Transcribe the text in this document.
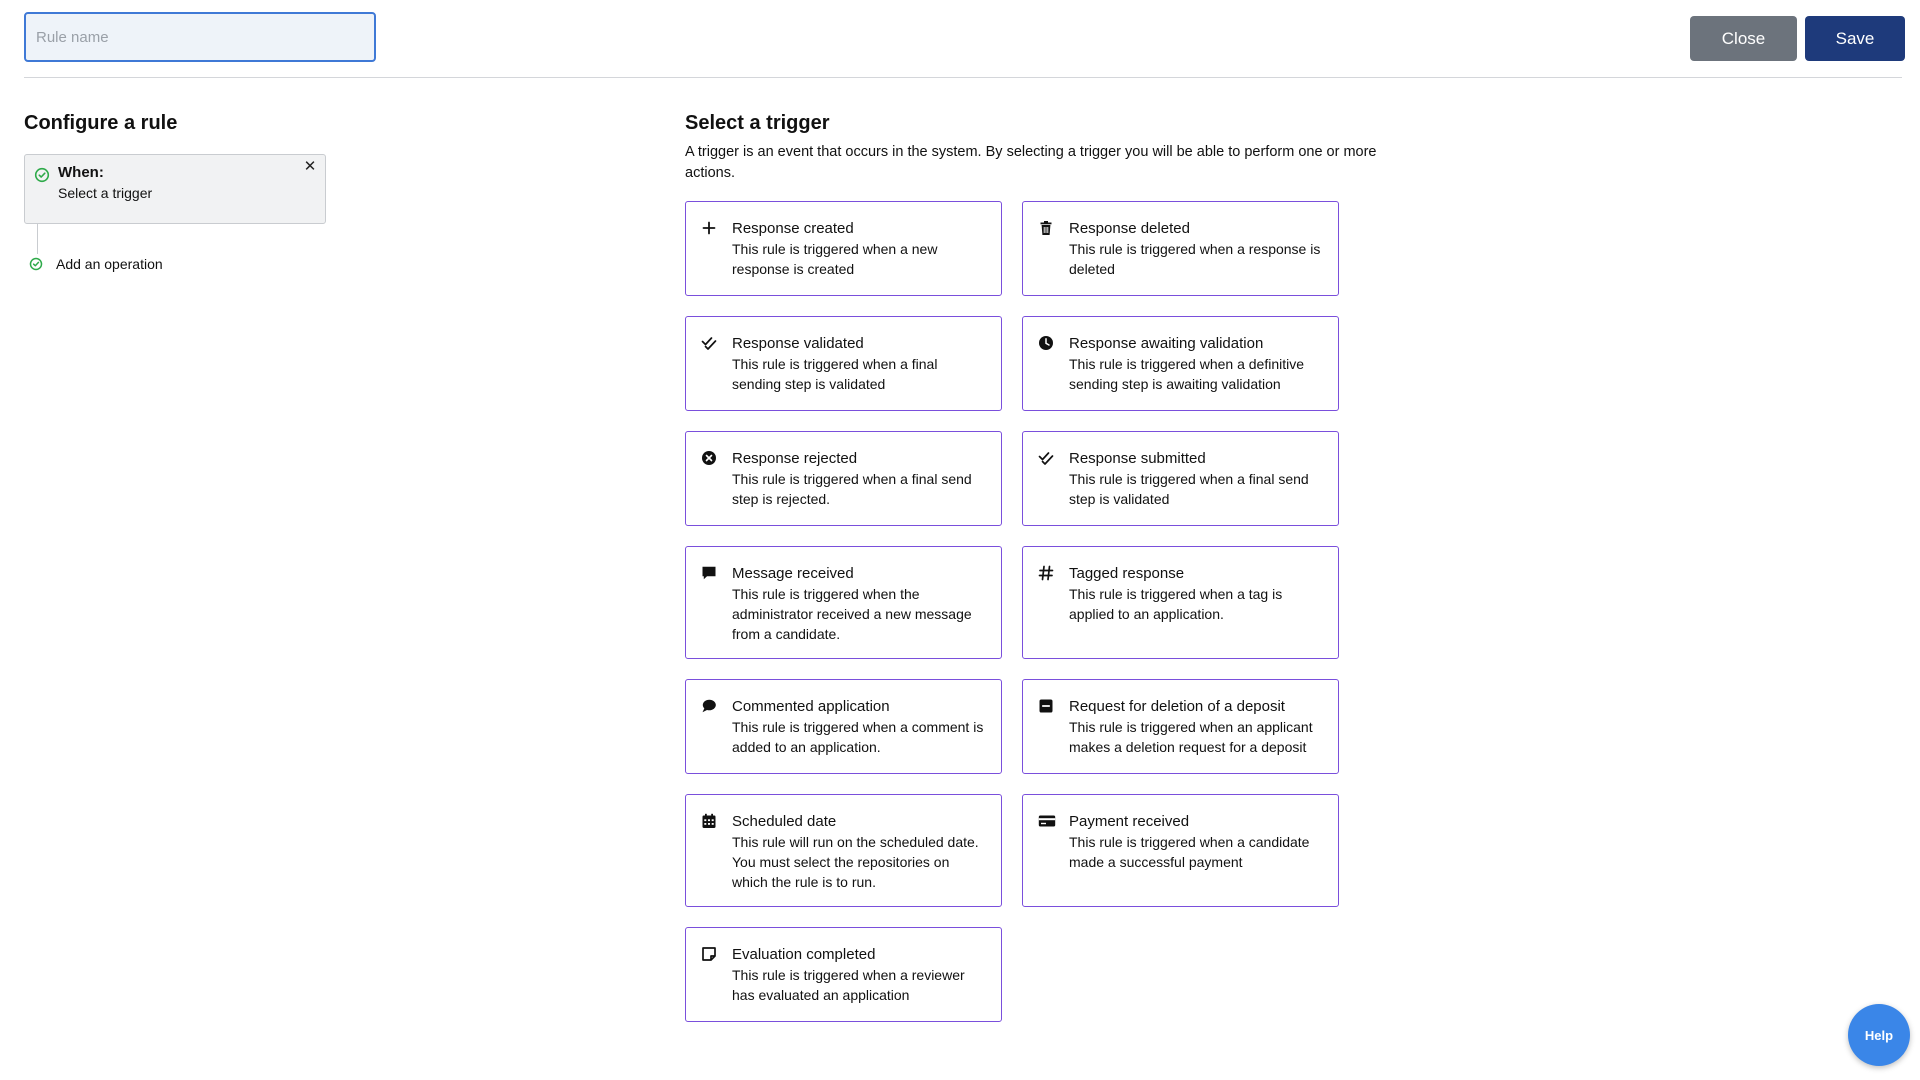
Rule name
Close	Save
Configure a rule
When:
Select a trigger
✕
Add an operation
Select a trigger

A trigger is an event that occurs in the system. By selecting a trigger you will be able to perform one or more actions.

Response created
This rule is triggered when a new response is created
Response deleted
This rule is triggered when a response is deleted
Response validated
This rule is triggered when a final sending step is validated
Response awaiting validation
This rule is triggered when a definitive sending step is awaiting validation
Response rejected
This rule is triggered when a final send step is rejected.
Response submitted
This rule is triggered when a final send step is validated
Message received
This rule is triggered when the administrator received a new message from a candidate.
Tagged response
This rule is triggered when a tag is applied to an application.
Commented application
This rule is triggered when a comment is added to an application.
Request for deletion of a deposit
This rule is triggered when an applicant makes a deletion request for a deposit
Scheduled date
This rule will run on the scheduled date. You must select the repositories on which the rule is to run.
Payment received
This rule is triggered when a candidate made a successful payment
Evaluation completed
This rule is triggered when a reviewer has evaluated an application
Help
